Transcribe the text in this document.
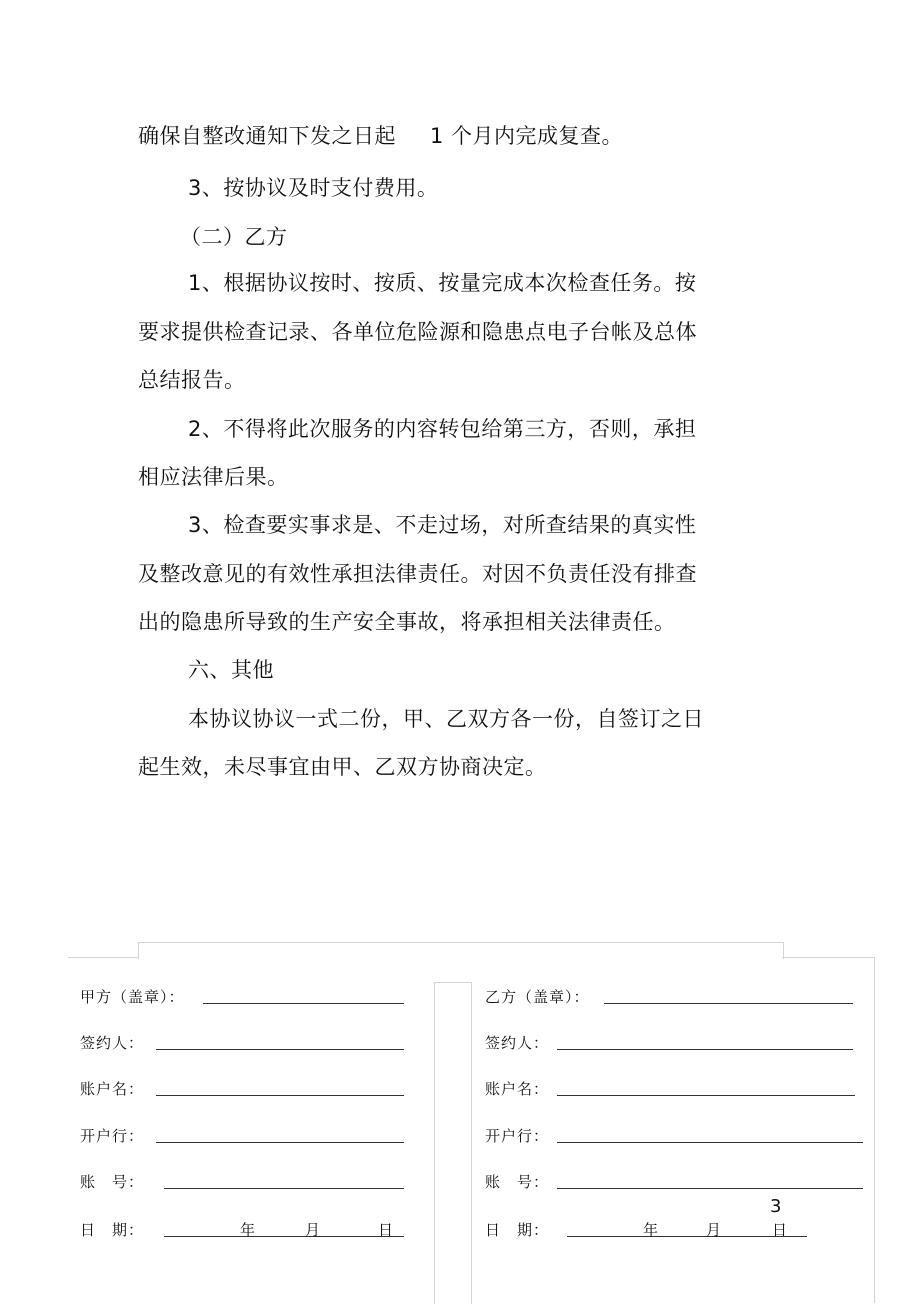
确保自整改通知下发之日起 1 个月内完成复查。
3、按协议及时支付费用。
（二）乙方
1、根据协议按时、按质、按量完成本次检查任务。按
要求提供检查记录、各单位危险源和隐患点电子台帐及总体
总结报告。
2、不得将此次服务的内容转包给第三方，否则，承担
相应法律后果。
3、检查要实事求是、不走过场，对所查结果的真实性
及整改意见的有效性承担法律责任。对因不负责任没有排查
出的隐患所导致的生产安全事故，将承担相关法律责任。
六、其他
本协议协议一式二份，甲、乙双方各一份，自签订之日
起生效，未尽事宜由甲、乙双方协商决定。
甲方（盖章）：
签约人：
账户名：
开户行：
账　号：
日　期：	年	月	日
乙方（盖章）：
签约人：
账户名：
开户行：
账　号：
日　期：	年	月	日
3
